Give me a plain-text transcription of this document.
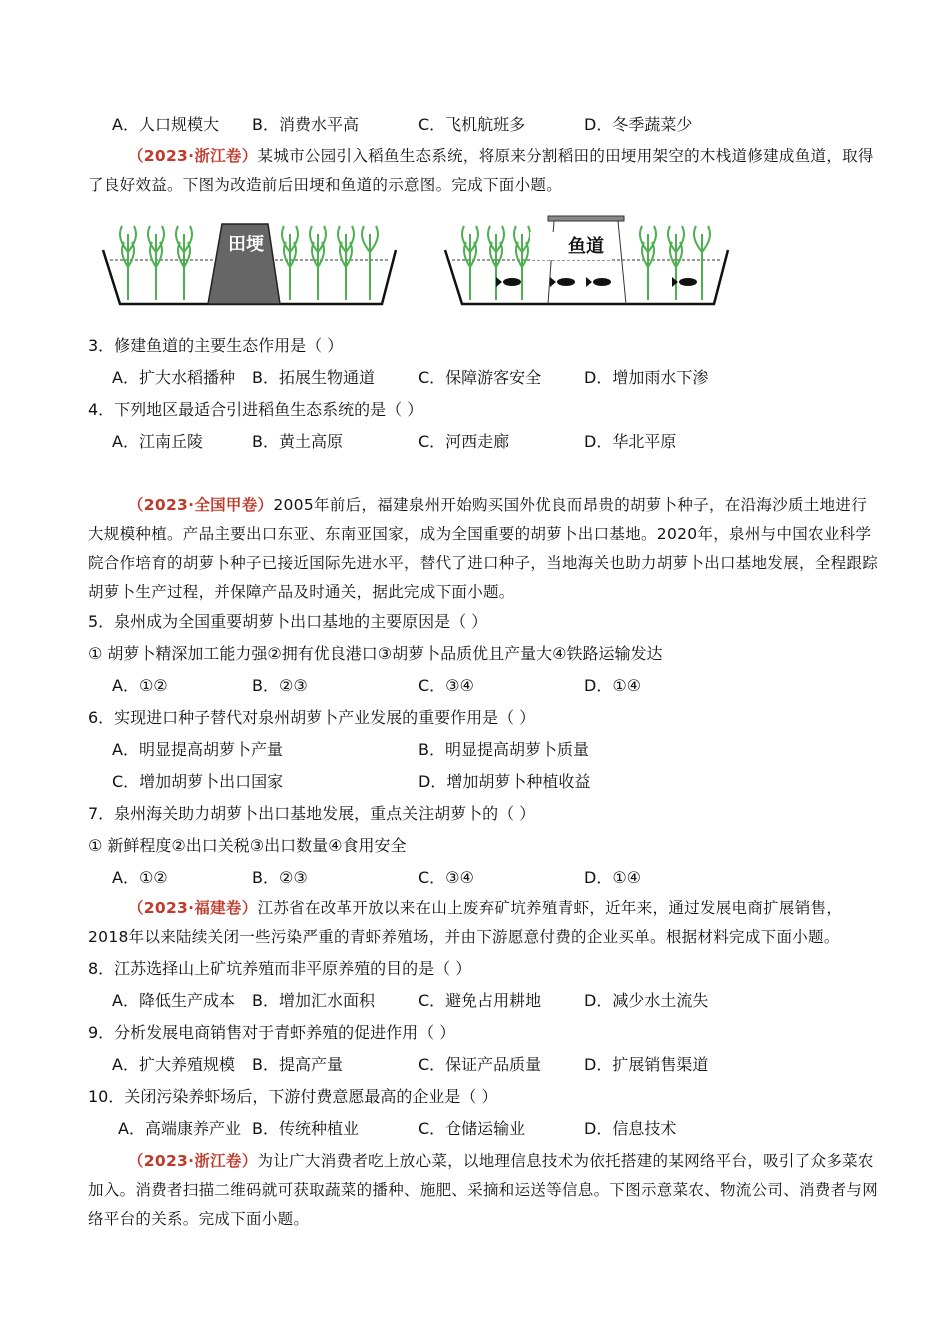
A．人口规模大 B．消费水平高	C．飞机航班多	D．冬季蔬菜少
（2023·浙江卷）某城市公园引入稻鱼生态系统，将原来分割稻田的田埂用架空的木栈道修建成鱼道，取得了良好效益。下图为改造前后田埂和鱼道的示意图。完成下面小题。
田埂	鱼道
3．修建鱼道的主要生态作用是（ ）
A．扩大水稻播种 B．拓展生物通道	C．保障游客安全	D．增加雨水下渗
4．下列地区最适合引进稻鱼生态系统的是（ ）
A．江南丘陵	B．黄土高原	C．河西走廊	D．华北平原
（2023·全国甲卷）2005年前后，福建泉州开始购买国外优良而昂贵的胡萝卜种子，在沿海沙质土地进行大规模种植。产品主要出口东亚、东南亚国家，成为全国重要的胡萝卜出口基地。2020年，泉州与中国农业科学院合作培育的胡萝卜种子已接近国际先进水平，替代了进口种子，当地海关也助力胡萝卜出口基地发展，全程跟踪胡萝卜生产过程，并保障产品及时通关，据此完成下面小题。
5．泉州成为全国重要胡萝卜出口基地的主要原因是（ ）
① 胡萝卜精深加工能力强②拥有优良港口③胡萝卜品质优且产量大④铁路运输发达
A．①②	B．②③	C．③④	D．①④
6．实现进口种子替代对泉州胡萝卜产业发展的重要作用是（ ）
A．明显提高胡萝卜产量	B．明显提高胡萝卜质量
C．增加胡萝卜出口国家	D．增加胡萝卜种植收益
7．泉州海关助力胡萝卜出口基地发展，重点关注胡萝卜的（ ）
① 新鲜程度②出口关税③出口数量④食用安全
A．①②	B．②③	C．③④	D．①④
（2023·福建卷）江苏省在改革开放以来在山上废弃矿坑养殖青虾，近年来，通过发展电商扩展销售，2018年以来陆续关闭一些污染严重的青虾养殖场，并由下游愿意付费的企业买单。根据材料完成下面小题。
8．江苏选择山上矿坑养殖而非平原养殖的目的是（ ）
A．降低生产成本 B．增加汇水面积	C．避免占用耕地	D．减少水土流失
9．分析发展电商销售对于青虾养殖的促进作用（ ）
A．扩大养殖规模 B．提高产量	C．保证产品质量	D．扩展销售渠道
10．关闭污染养虾场后，下游付费意愿最高的企业是（ ）
A．高端康养产业 B．传统种植业	C．仓储运输业	D．信息技术
（2023·浙江卷）为让广大消费者吃上放心菜，以地理信息技术为依托搭建的某网络平台，吸引了众多菜农加入。消费者扫描二维码就可获取蔬菜的播种、施肥、采摘和运送等信息。下图示意菜农、物流公司、消费者与网络平台的关系。完成下面小题。
